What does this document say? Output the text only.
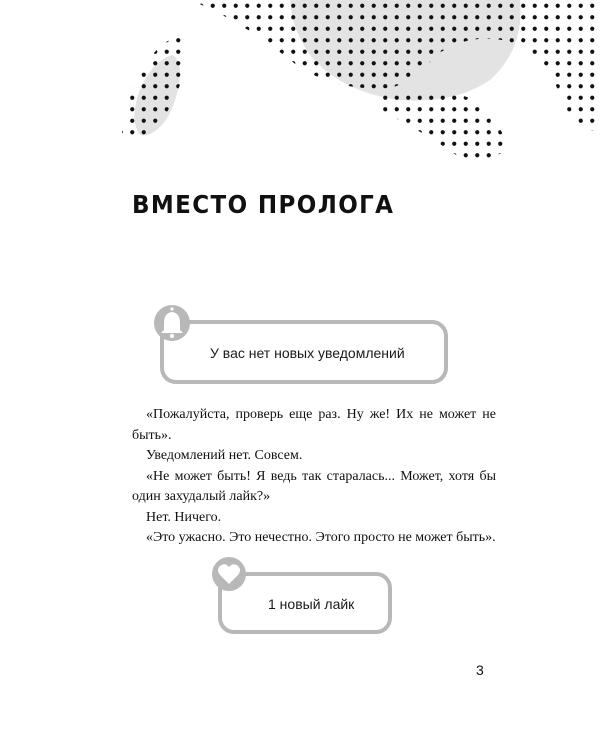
ВМЕСТО ПРОЛОГА
У вас нет новых уведомлений
1 новый лайк

«Пожалуйста, проверь еще раз. Ну же! Их не может не быть».

Уведомлений нет. Совсем.

«Не может быть! Я ведь так старалась... Может, хотя бы один захудалый лайк?»

Нет. Ничего.

«Это ужасно. Это нечестно. Этого просто не может быть».

3
